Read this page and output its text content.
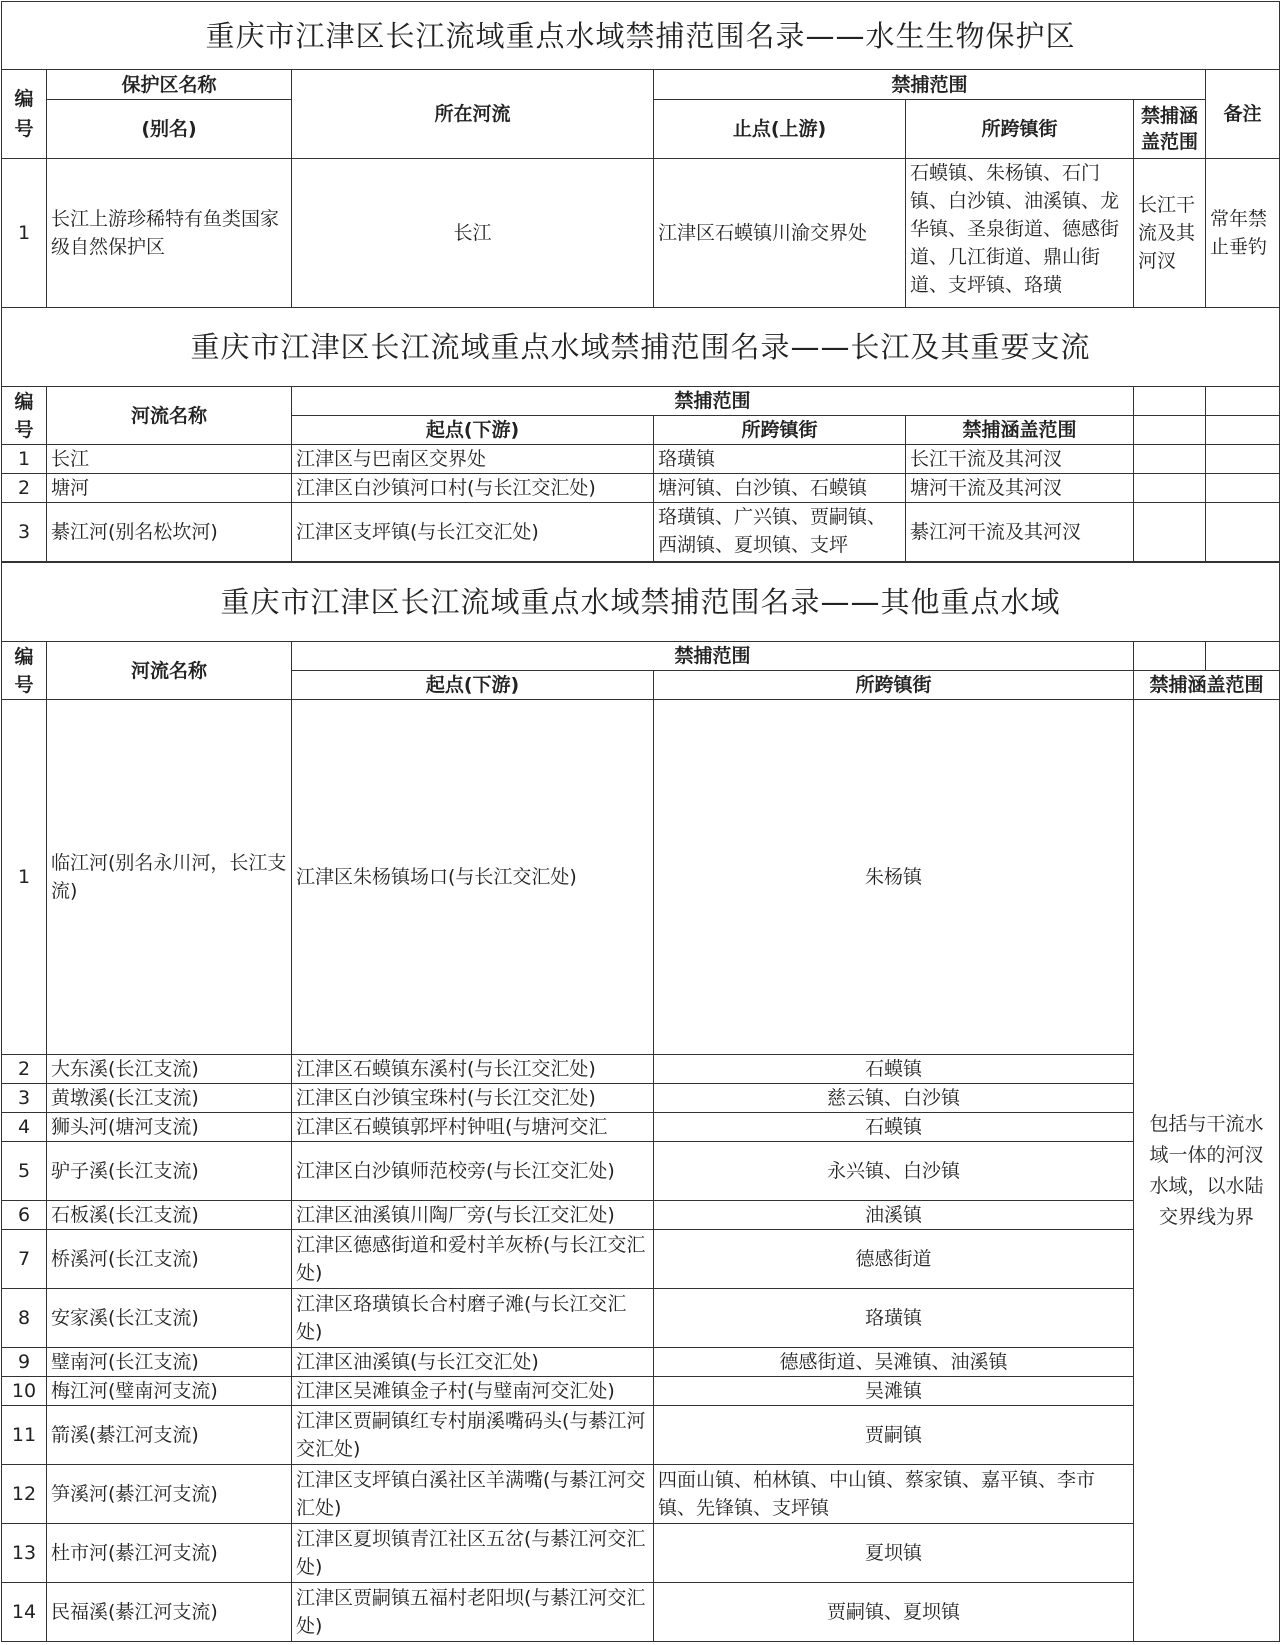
重庆市江津区长江流域重点水域禁捕范围名录——水生生物保护区						
编号	保护区名称	所在河流	禁捕范围			备注
	(别名)		止点(上游)	所跨镇街	禁捕涵盖范围	
1	长江上游珍稀特有鱼类国家级自然保护区	长江	江津区石蟆镇川渝交界处	石蟆镇、朱杨镇、石门镇、白沙镇、油溪镇、龙华镇、圣泉街道、德感街道、几江街道、鼎山街道、支坪镇、珞璜	长江干流及其河汊	常年禁止垂钓
重庆市江津区长江流域重点水域禁捕范围名录——长江及其重要支流						
编号	河流名称	禁捕范围				
		起点(下游)	所跨镇街	禁捕涵盖范围		
1	长江	江津区与巴南区交界处	珞璜镇	长江干流及其河汊		
2	塘河	江津区白沙镇河口村(与长江交汇处)	塘河镇、白沙镇、石蟆镇	塘河干流及其河汊		
3	綦江河(别名松坎河)	江津区支坪镇(与长江交汇处)	珞璜镇、广兴镇、贾嗣镇、西湖镇、夏坝镇、支坪	綦江河干流及其河汊		
重庆市江津区长江流域重点水域禁捕范围名录——其他重点水域					
编号	河流名称	禁捕范围			
		起点(下游)	所跨镇街	禁捕涵盖范围	
1	临江河(别名永川河，长江支流)	江津区朱杨镇场口(与长江交汇处)	朱杨镇	包括与干流水域一体的河汊水域，以水陆交界线为界	
2	大东溪(长江支流)	江津区石蟆镇东溪村(与长江交汇处)	石蟆镇		
3	黄墩溪(长江支流)	江津区白沙镇宝珠村(与长江交汇处)	慈云镇、白沙镇		
4	狮头河(塘河支流)	江津区石蟆镇郭坪村钟咀(与塘河交汇	石蟆镇		
5	驴子溪(长江支流)	江津区白沙镇师范校旁(与长江交汇处)	永兴镇、白沙镇		
6	石板溪(长江支流)	江津区油溪镇川陶厂旁(与长江交汇处)	油溪镇		
7	桥溪河(长江支流)	江津区德感街道和爱村羊灰桥(与长江交汇处)	德感街道		
8	安家溪(长江支流)	江津区珞璜镇长合村磨子滩(与长江交汇处)	珞璜镇		
9	璧南河(长江支流)	江津区油溪镇(与长江交汇处)	德感街道、吴滩镇、油溪镇		
10	梅江河(璧南河支流)	江津区吴滩镇金子村(与璧南河交汇处)	吴滩镇		
11	箭溪(綦江河支流)	江津区贾嗣镇红专村崩溪嘴码头(与綦江河交汇处)	贾嗣镇		
12	笋溪河(綦江河支流)	江津区支坪镇白溪社区羊满嘴(与綦江河交汇处)	四面山镇、柏林镇、中山镇、蔡家镇、嘉平镇、李市镇、先锋镇、支坪镇		
13	杜市河(綦江河支流)	江津区夏坝镇青江社区五岔(与綦江河交汇处)	夏坝镇		
14	民福溪(綦江河支流)	江津区贾嗣镇五福村老阳坝(与綦江河交汇处)	贾嗣镇、夏坝镇		
